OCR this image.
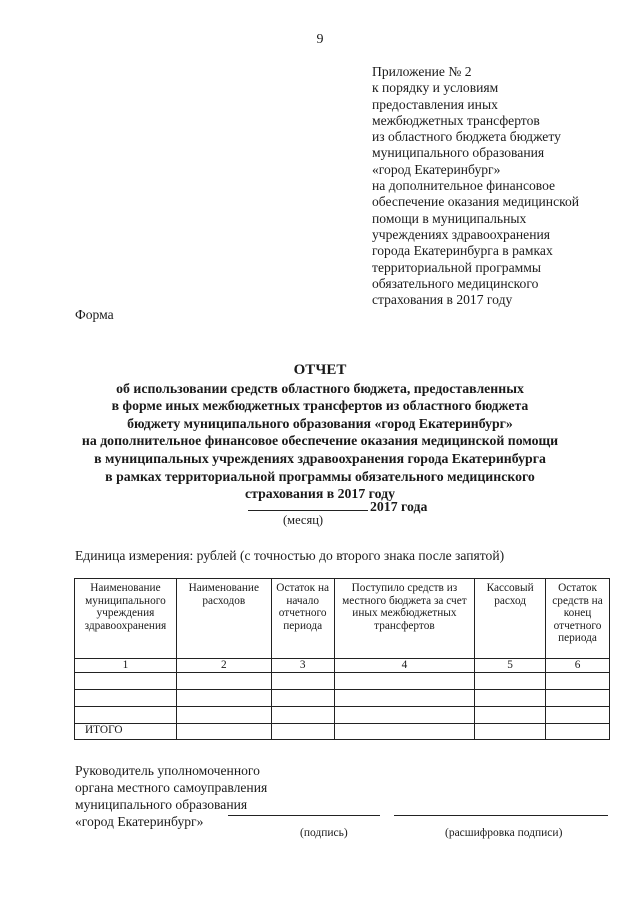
9
Приложение № 2
к порядку и условиям
предоставления иных
межбюджетных трансфертов
из областного бюджета бюджету
муниципального образования
«город Екатеринбург»
на дополнительное финансовое
обеспечение оказания медицинской
помощи в муниципальных
учреждениях здравоохранения
города Екатеринбурга в рамках
территориальной программы
обязательного медицинского
страхования в 2017 году
Форма
ОТЧЕТ
об использовании средств областного бюджета, предоставленных
в форме иных межбюджетных трансфертов из областного бюджета
бюджету муниципального образования «город Екатеринбург»
на дополнительное финансовое обеспечение оказания медицинской помощи
в муниципальных учреждениях здравоохранения города Екатеринбурга
в рамках территориальной программы обязательного медицинского
страхования в 2017 году
2017 года
(месяц)
Единица измерения: рублей (с точностью до второго знака после запятой)
Наименование муниципального учреждения здравоохранения	Наименование расходов	Остаток на начало отчетного периода	Поступило средств из местного бюджета за счет иных межбюджетных трансфертов	Кассовый расход	Остаток средств на конец отчетного периода
1	2	3	4	5	6

ИТОГО					
Руководитель уполномоченного
органа местного самоуправления
муниципального образования
«город Екатеринбург»
(подпись)	(расшифровка подписи)
